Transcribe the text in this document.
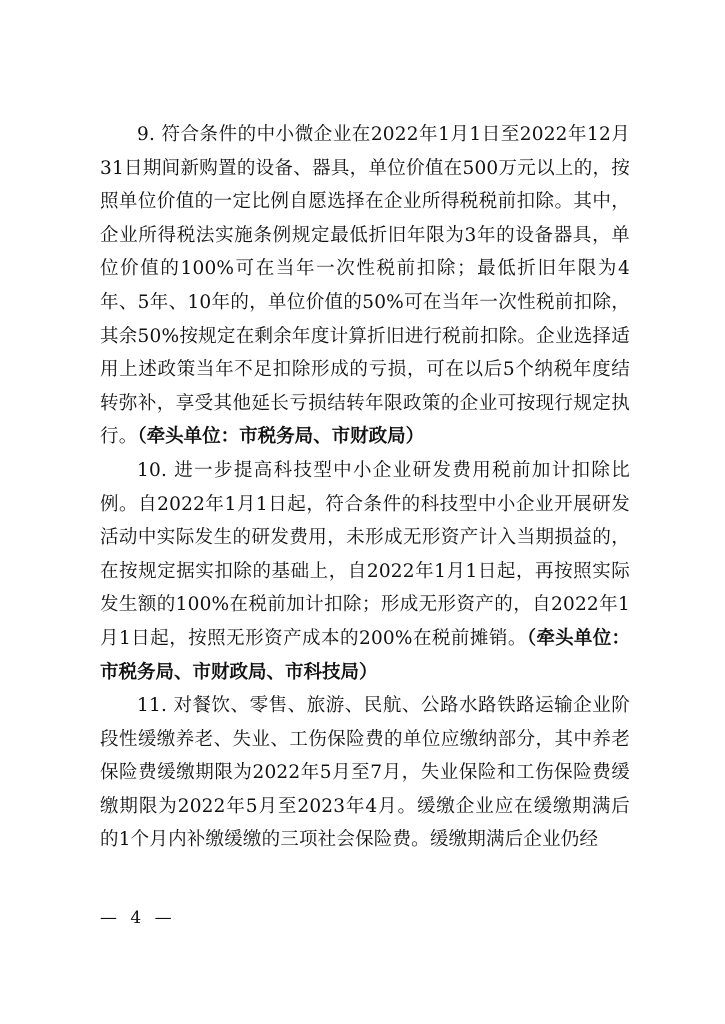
9. 符合条件的中小微企业在2022年1月1日至2022年12月31日期间新购置的设备、器具，单位价值在500万元以上的，按照单位价值的一定比例自愿选择在企业所得税税前扣除。其中，企业所得税法实施条例规定最低折旧年限为3年的设备器具，单位价值的100%可在当年一次性税前扣除；最低折旧年限为4年、5年、10年的，单位价值的50%可在当年一次性税前扣除，其余50%按规定在剩余年度计算折旧进行税前扣除。企业选择适用上述政策当年不足扣除形成的亏损，可在以后5个纳税年度结转弥补，享受其他延长亏损结转年限政策的企业可按现行规定执行。（牵头单位：市税务局、市财政局）

10. 进一步提高科技型中小企业研发费用税前加计扣除比例。自2022年1月1日起，符合条件的科技型中小企业开展研发活动中实际发生的研发费用，未形成无形资产计入当期损益的，在按规定据实扣除的基础上，自2022年1月1日起，再按照实际发生额的100%在税前加计扣除；形成无形资产的，自2022年1月1日起，按照无形资产成本的200%在税前摊销。（牵头单位：市税务局、市财政局、市科技局）

11. 对餐饮、零售、旅游、民航、公路水路铁路运输企业阶段性缓缴养老、失业、工伤保险费的单位应缴纳部分，其中养老保险费缓缴期限为2022年5月至7月，失业保险和工伤保险费缓缴期限为2022年5月至2023年4月。缓缴企业应在缓缴期满后的1个月内补缴缓缴的三项社会保险费。缓缴期满后企业仍经

— 4 —
